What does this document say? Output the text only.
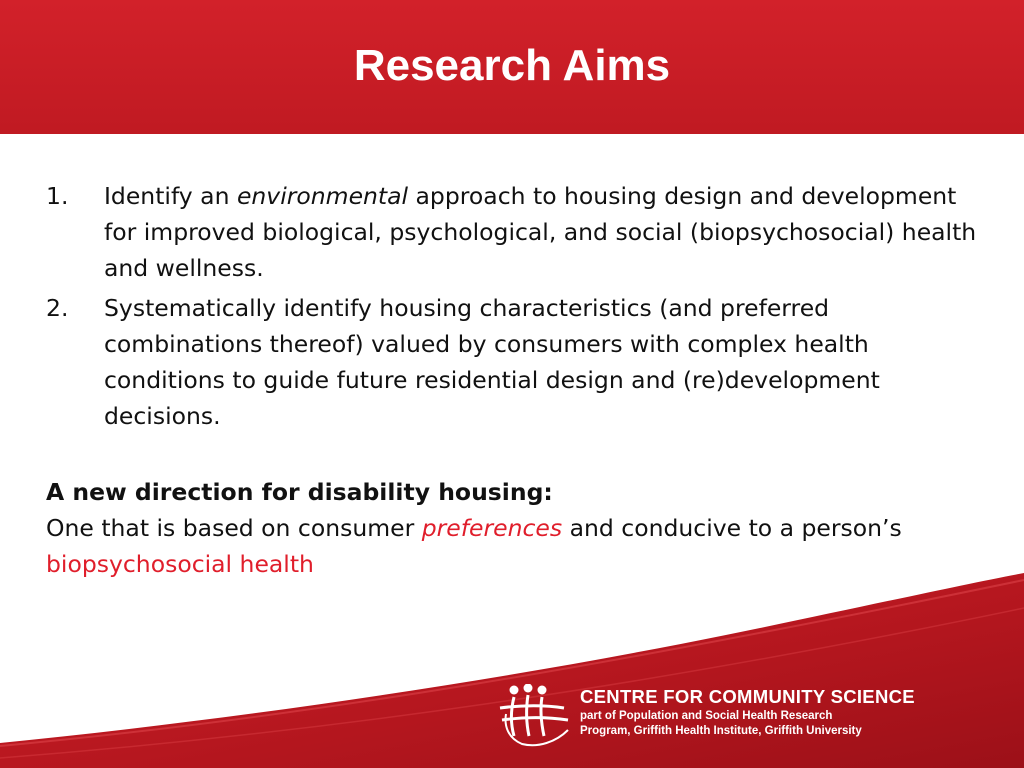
Research Aims
1. Identify an environmental approach to housing design and development for improved biological, psychological, and social (biopsychosocial) health and wellness.
2. Systematically identify housing characteristics (and preferred combinations thereof) valued by consumers with complex health conditions to guide future residential design and (re)development decisions.
A new direction for disability housing:
One that is based on consumer preferences and conducive to a person’s biopsychosocial health
CENTRE FOR COMMUNITY SCIENCE
part of Population and Social Health Research
Program, Griffith Health Institute, Griffith University
